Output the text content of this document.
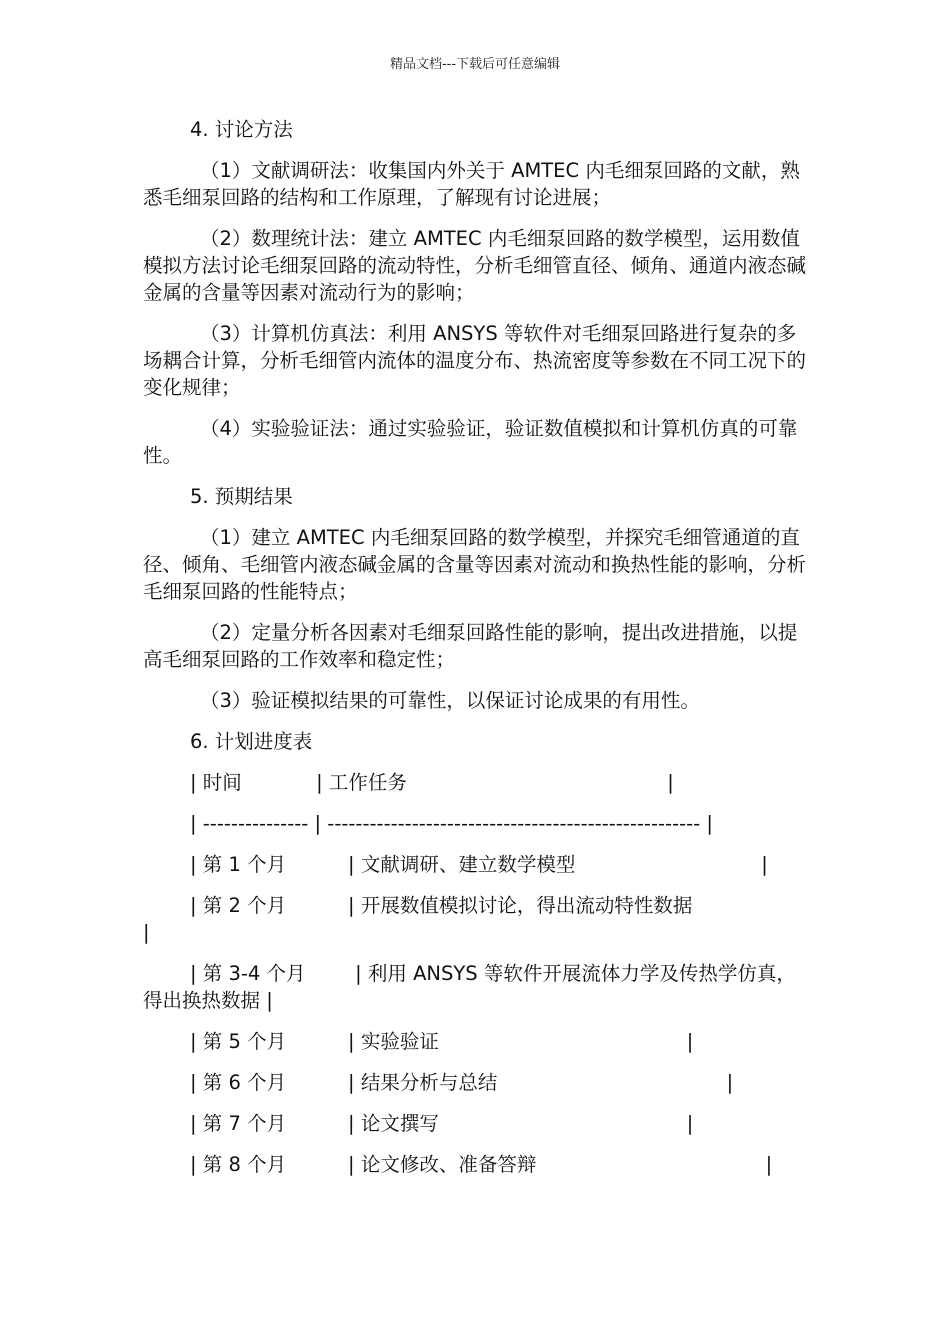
精品文档---下载后可任意编辑

4. 讨论方法

（1）文献调研法：收集国内外关于 AMTEC 内毛细泵回路的文献，熟悉毛细泵回路的结构和工作原理，了解现有讨论进展；

（2）数理统计法：建立 AMTEC 内毛细泵回路的数学模型，运用数值模拟方法讨论毛细泵回路的流动特性，分析毛细管直径、倾角、通道内液态碱金属的含量等因素对流动行为的影响；

（3）计算机仿真法：利用 ANSYS 等软件对毛细泵回路进行复杂的多场耦合计算，分析毛细管内流体的温度分布、热流密度等参数在不同工况下的变化规律；

（4）实验验证法：通过实验验证，验证数值模拟和计算机仿真的可靠性。

5. 预期结果

（1）建立 AMTEC 内毛细泵回路的数学模型，并探究毛细管通道的直径、倾角、毛细管内液态碱金属的含量等因素对流动和换热性能的影响，分析毛细泵回路的性能特点；

（2）定量分析各因素对毛细泵回路性能的影响，提出改进措施，以提高毛细泵回路的工作效率和稳定性；

（3）验证模拟结果的可靠性，以保证讨论成果的有用性。

6. 计划进度表

| 时间            | 工作任务                                          |

| --------------- | ----------------------------------------------------- |

| 第 1 个月          | 文献调研、建立数学模型                              |

| 第 2 个月          | 开展数值模拟讨论，得出流动特性数据                                      |

| 第 3-4 个月        | 利用 ANSYS 等软件开展流体力学及传热学仿真，得出换热数据 |

| 第 5 个月          | 实验验证                                        |

| 第 6 个月          | 结果分析与总结                                     |

| 第 7 个月          | 论文撰写                                        |

| 第 8 个月          | 论文修改、准备答辩                                     |
